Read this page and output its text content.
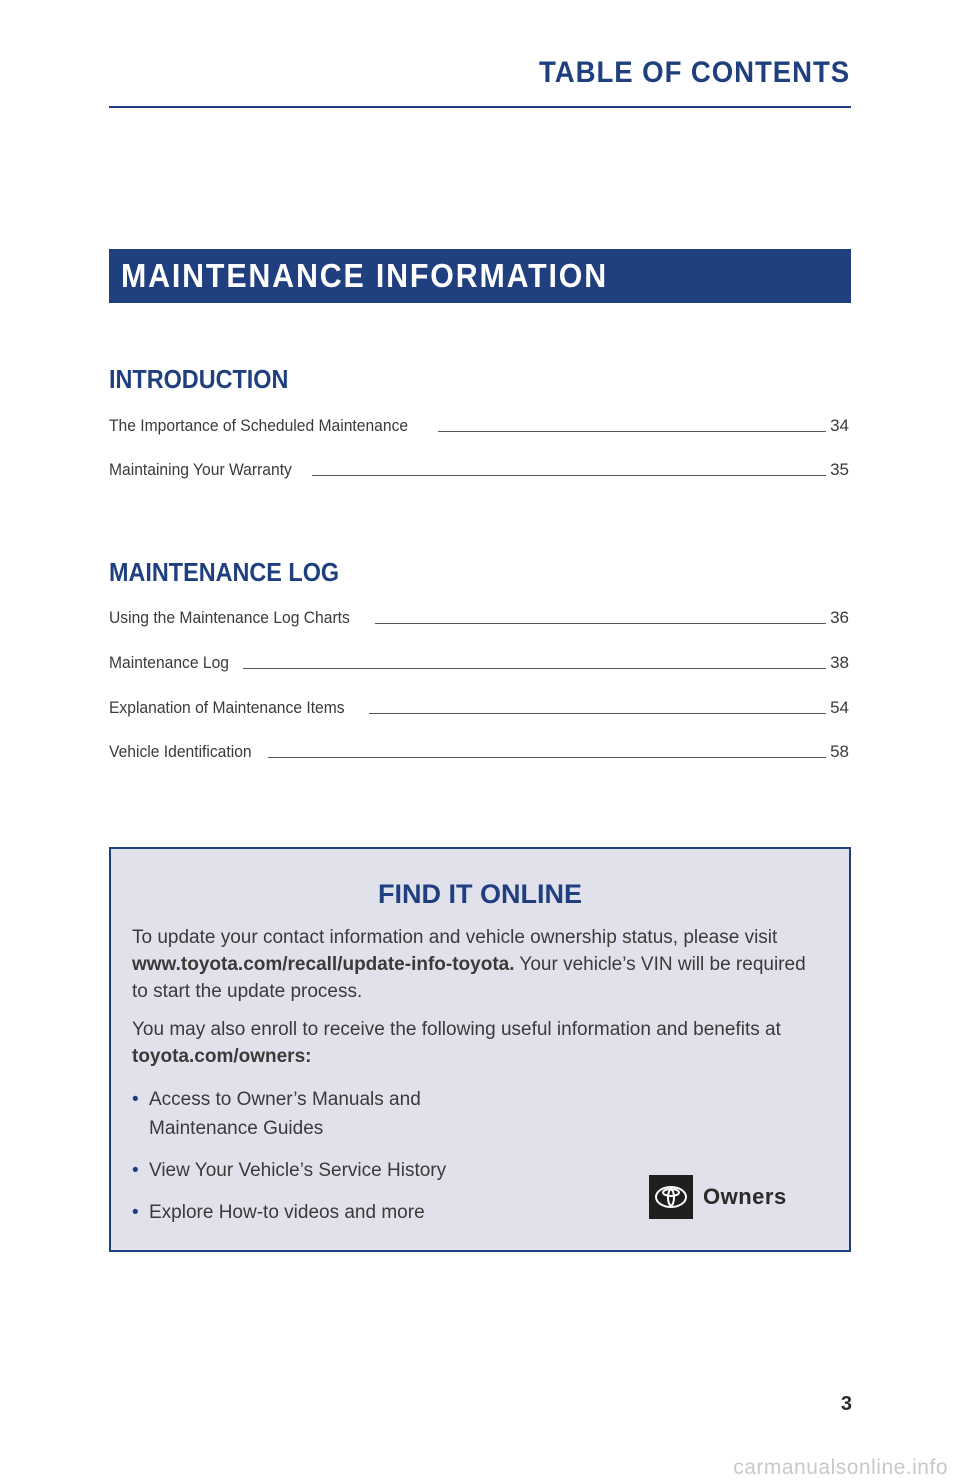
TABLE OF CONTENTS
MAINTENANCE INFORMATION
INTRODUCTION
The Importance of Scheduled Maintenance	34
Maintaining Your Warranty	35
MAINTENANCE LOG
Using the Maintenance Log Charts	36
Maintenance Log	38
Explanation of Maintenance Items	54
Vehicle Identification	58
FIND IT ONLINE

To update your contact information and vehicle ownership status, please visit www.toyota.com/recall/update-info-toyota. Your vehicle’s VIN will be required to start the update process.

You may also enroll to receive the following useful information and benefits at toyota.com/owners:

• Access to Owner’s Manuals and Maintenance Guides
• View Your Vehicle’s Service History
• Explore How-to videos and more
Owners
3
carmanualsonline.info
